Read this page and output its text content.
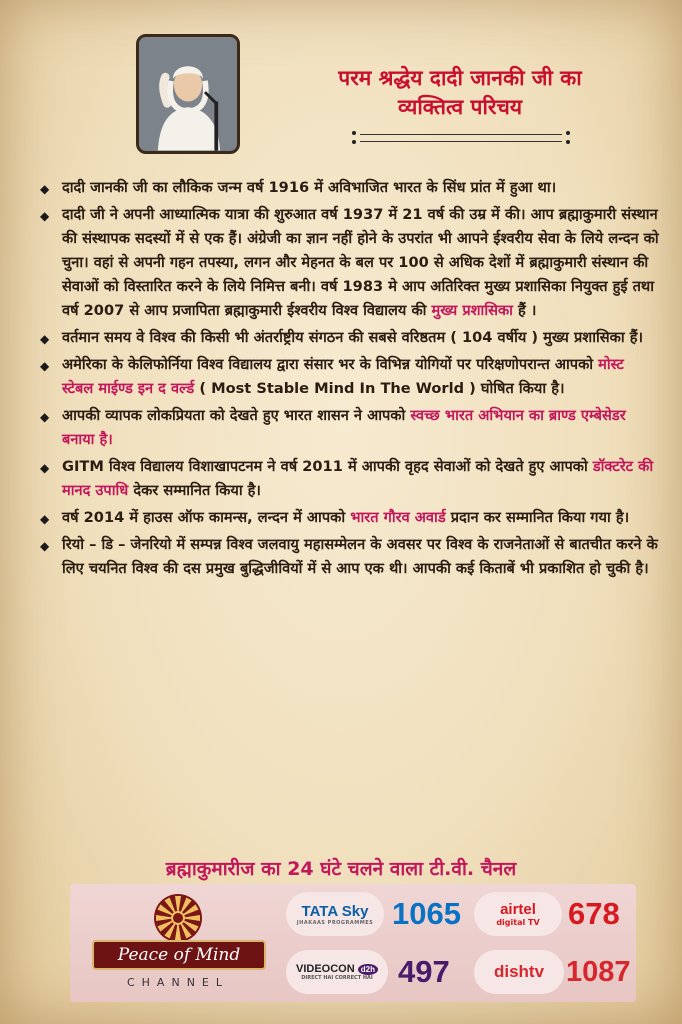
परम श्रद्धेय दादी जानकी जी का
व्यक्तित्व परिचय
◆ दादी जानकी जी का लौकिक जन्म वर्ष 1916 में अविभाजित भारत के सिंध प्रांत में हुआ था।
◆ दादी जी ने अपनी आध्यात्मिक यात्रा की शुरुआत वर्ष 1937 में 21 वर्ष की उम्र में की। आप ब्रह्माकुमारी संस्थान की संस्थापक सदस्यों में से एक हैं। अंग्रेजी का ज्ञान नहीं होने के उपरांत भी आपने ईश्वरीय सेवा के लिये लन्दन को चुना। वहां से अपनी गहन तपस्या, लगन और मेहनत के बल पर 100 से अधिक देशों में ब्रह्माकुमारी संस्थान की सेवाओं को विस्तारित करने के लिये निमित्त बनी। वर्ष 1983 मे आप अतिरिक्त मुख्य प्रशासिका नियुक्त हुई तथा वर्ष 2007 से आप प्रजापिता ब्रह्माकुमारी ईश्वरीय विश्व विद्यालय की मुख्य प्रशासिका हैं ।
◆ वर्तमान समय वे विश्व की किसी भी अंतर्राष्ट्रीय संगठन की सबसे वरिष्ठतम ( 104 वर्षीय ) मुख्य प्रशासिका हैं।
◆ अमेरिका के केलिफोर्निया विश्व विद्यालय द्वारा संसार भर के विभिन्न योगियों पर परिक्षणोपरान्त आपको मोस्ट स्टेबल माईण्ड इन द वर्ल्ड ( Most Stable Mind In The World ) घोषित किया है।
◆ आपकी व्यापक लोकप्रियता को देखते हुए भारत शासन ने आपको स्वच्छ भारत अभियान का ब्राण्ड एम्बेसेडर बनाया है।
◆ GITM विश्व विद्यालय विशाखापटनम ने वर्ष 2011 में आपकी वृहद सेवाओं को देखते हुए आपको डॉक्टरेट की मानद उपाधि देकर सम्मानित किया है।
◆ वर्ष 2014 में हाउस ऑफ कामन्स, लन्दन में आपको भारत गौरव अवार्ड प्रदान कर सम्मानित किया गया है।
◆ रियो – डि – जेनरियो में सम्पन्न विश्व जलवायु महासम्मेलन के अवसर पर विश्व के राजनेताओं से बातचीत करने के लिए चयनित विश्व की दस प्रमुख बुद्धिजीवियों में से आप एक थी। आपकी कई किताबें भी प्रकाशित हो चुकी है।
ब्रह्माकुमारीज का 24 घंटे चलने वाला टी.वी. चैनल
Peace of Mind
CHANNEL
TATA Sky
JHAKAAS PROGRAMMES 1065	airtel
digital TV 678
VIDEOCON d2h
DIRECT HAI CORRECT HAI 497	dishtv 1087
